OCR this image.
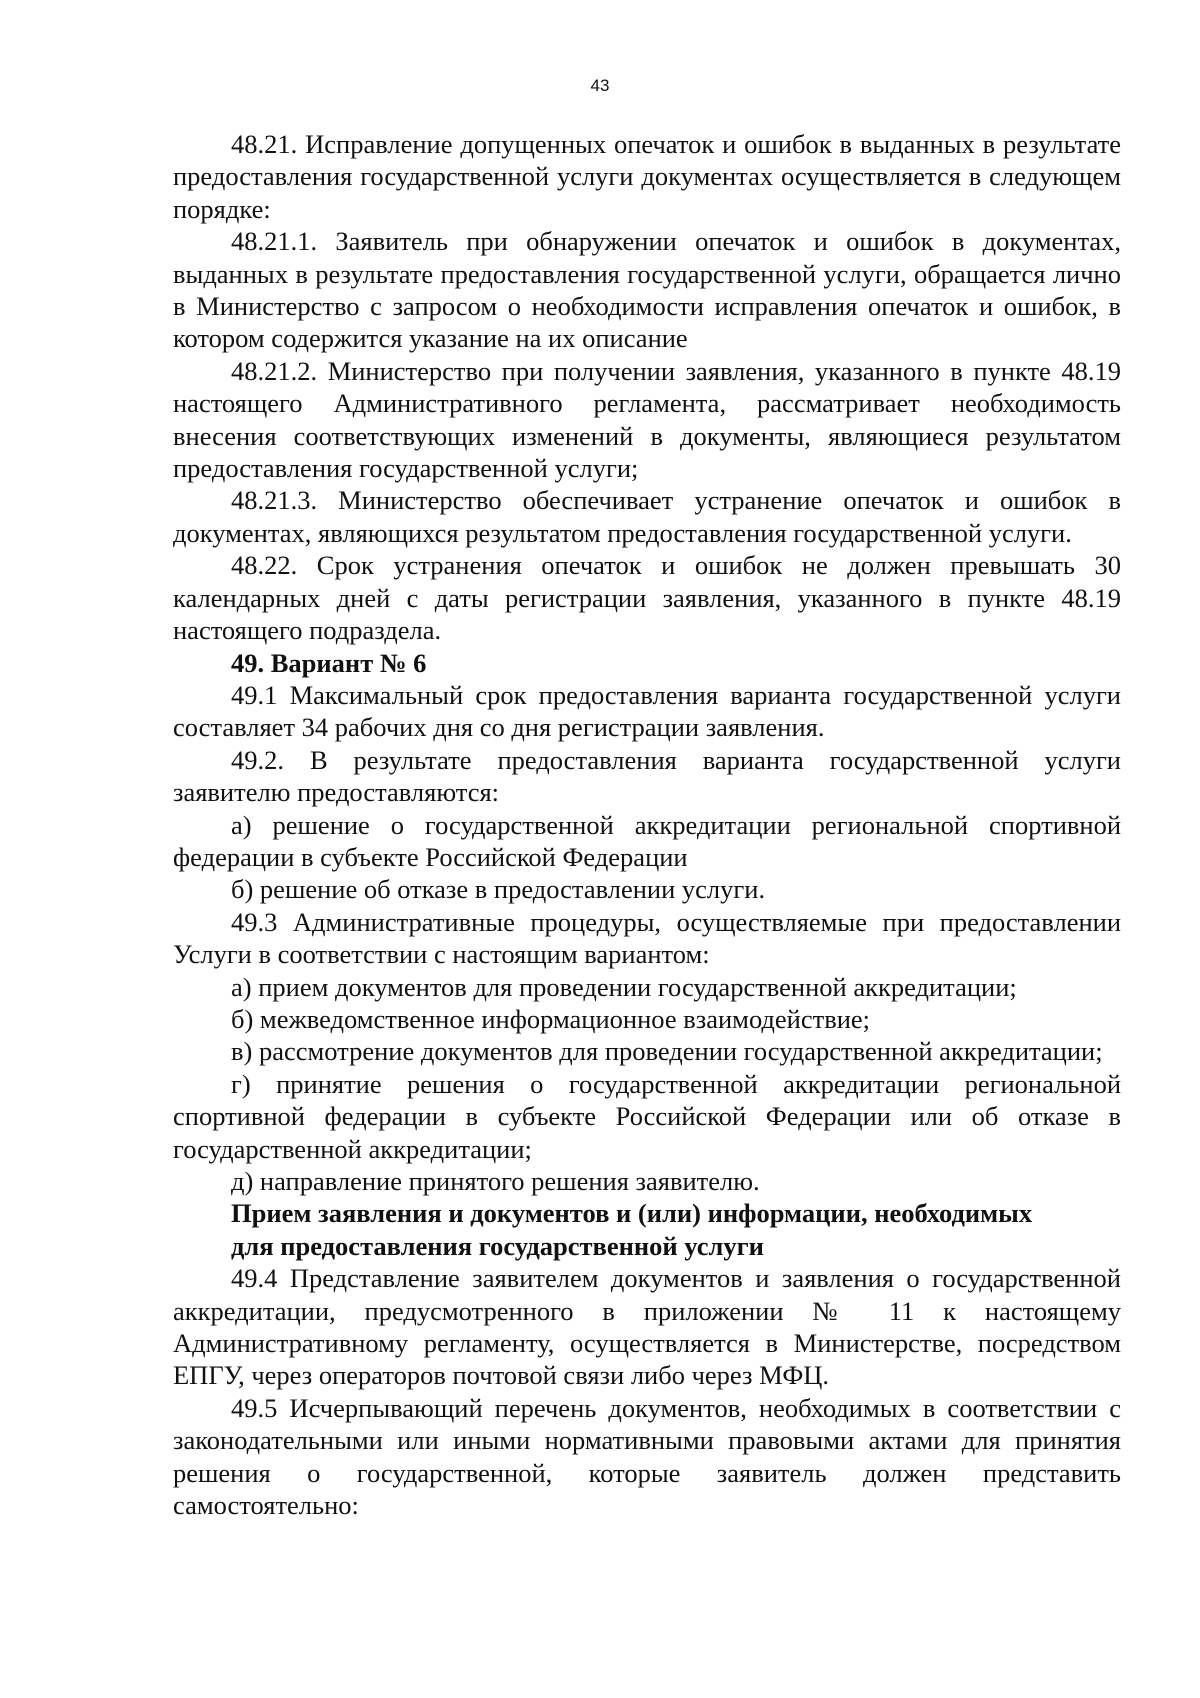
43

48.21. Исправление допущенных опечаток и ошибок в выданных в результате предоставления государственной услуги документах осуществляется в следующем порядке:

48.21.1. Заявитель при обнаружении опечаток и ошибок в документах, выданных в результате предоставления государственной услуги, обращается лично в Министерство с запросом о необходимости исправления опечаток и ошибок, в котором содержится указание на их описание

48.21.2. Министерство при получении заявления, указанного в пункте 48.19 настоящего Административного регламента, рассматривает необходимость внесения соответствующих изменений в документы, являющиеся результатом предоставления государственной услуги;

48.21.3. Министерство обеспечивает устранение опечаток и ошибок в документах, являющихся результатом предоставления государственной услуги.

48.22. Срок устранения опечаток и ошибок не должен превышать 30 календарных дней с даты регистрации заявления, указанного в пункте 48.19 настоящего подраздела.

49. Вариант № 6

49.1 Максимальный срок предоставления варианта государственной услуги составляет 34 рабочих дня со дня регистрации заявления.

49.2. В результате предоставления варианта государственной услуги заявителю предоставляются:

а) решение о государственной аккредитации региональной спортивной федерации в субъекте Российской Федерации

б) решение об отказе в предоставлении услуги.

49.3 Административные процедуры, осуществляемые при предоставлении Услуги в соответствии с настоящим вариантом:

а) прием документов для проведении государственной аккредитации;

б) межведомственное информационное взаимодействие;

в) рассмотрение документов для проведении государственной аккредитации;

г) принятие решения о государственной аккредитации региональной спортивной федерации в субъекте Российской Федерации или об отказе в государственной аккредитации;

д) направление принятого решения заявителю.

Прием заявления и документов и (или) информации, необходимых

для предоставления государственной услуги

49.4 Представление заявителем документов и заявления о государственной аккредитации, предусмотренного в приложении № 11 к настоящему Административному регламенту, осуществляется в Министерстве, посредством ЕПГУ, через операторов почтовой связи либо через МФЦ.

49.5 Исчерпывающий перечень документов, необходимых в соответствии с законодательными или иными нормативными правовыми актами для принятия решения о государственной, которые заявитель должен представить самостоятельно:
